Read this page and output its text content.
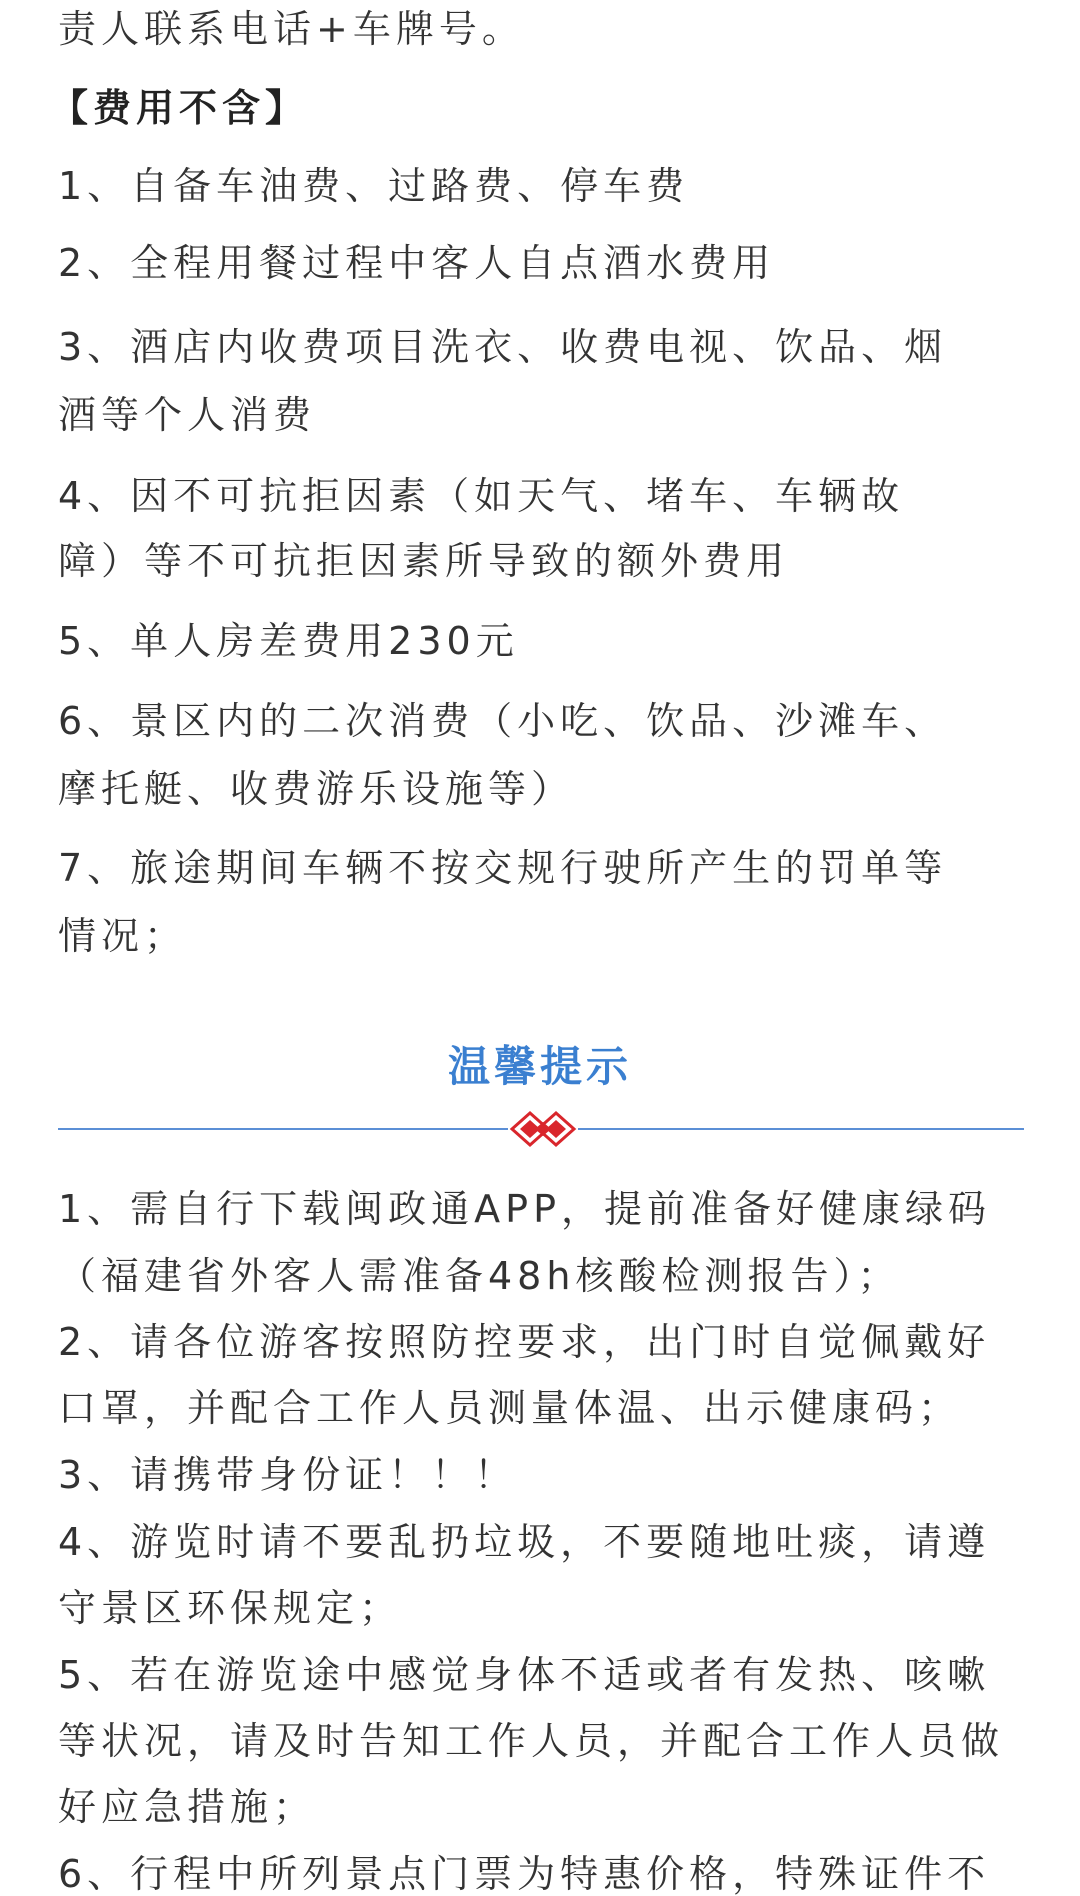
责人联系电话+车牌号。
【费用不含】
1、自备车油费、过路费、停车费
2、全程用餐过程中客人自点酒水费用
3、酒店内收费项目洗衣、收费电视、饮品、烟
酒等个人消费
4、因不可抗拒因素（如天气、堵车、车辆故
障）等不可抗拒因素所导致的额外费用
5、单人房差费用230元
6、景区内的二次消费（小吃、饮品、沙滩车、
摩托艇、收费游乐设施等）
7、旅途期间车辆不按交规行驶所产生的罚单等
情况；
温馨提示
1、需自行下载闽政通APP，提前准备好健康绿码
（福建省外客人需准备48h核酸检测报告）；
2、请各位游客按照防控要求，出门时自觉佩戴好
口罩，并配合工作人员测量体温、出示健康码；
3、请携带身份证！！！
4、游览时请不要乱扔垃圾，不要随地吐痰，请遵
守景区环保规定；
5、若在游览途中感觉身体不适或者有发热、咳嗽
等状况，请及时告知工作人员，并配合工作人员做
好应急措施；
6、行程中所列景点门票为特惠价格，特殊证件不
